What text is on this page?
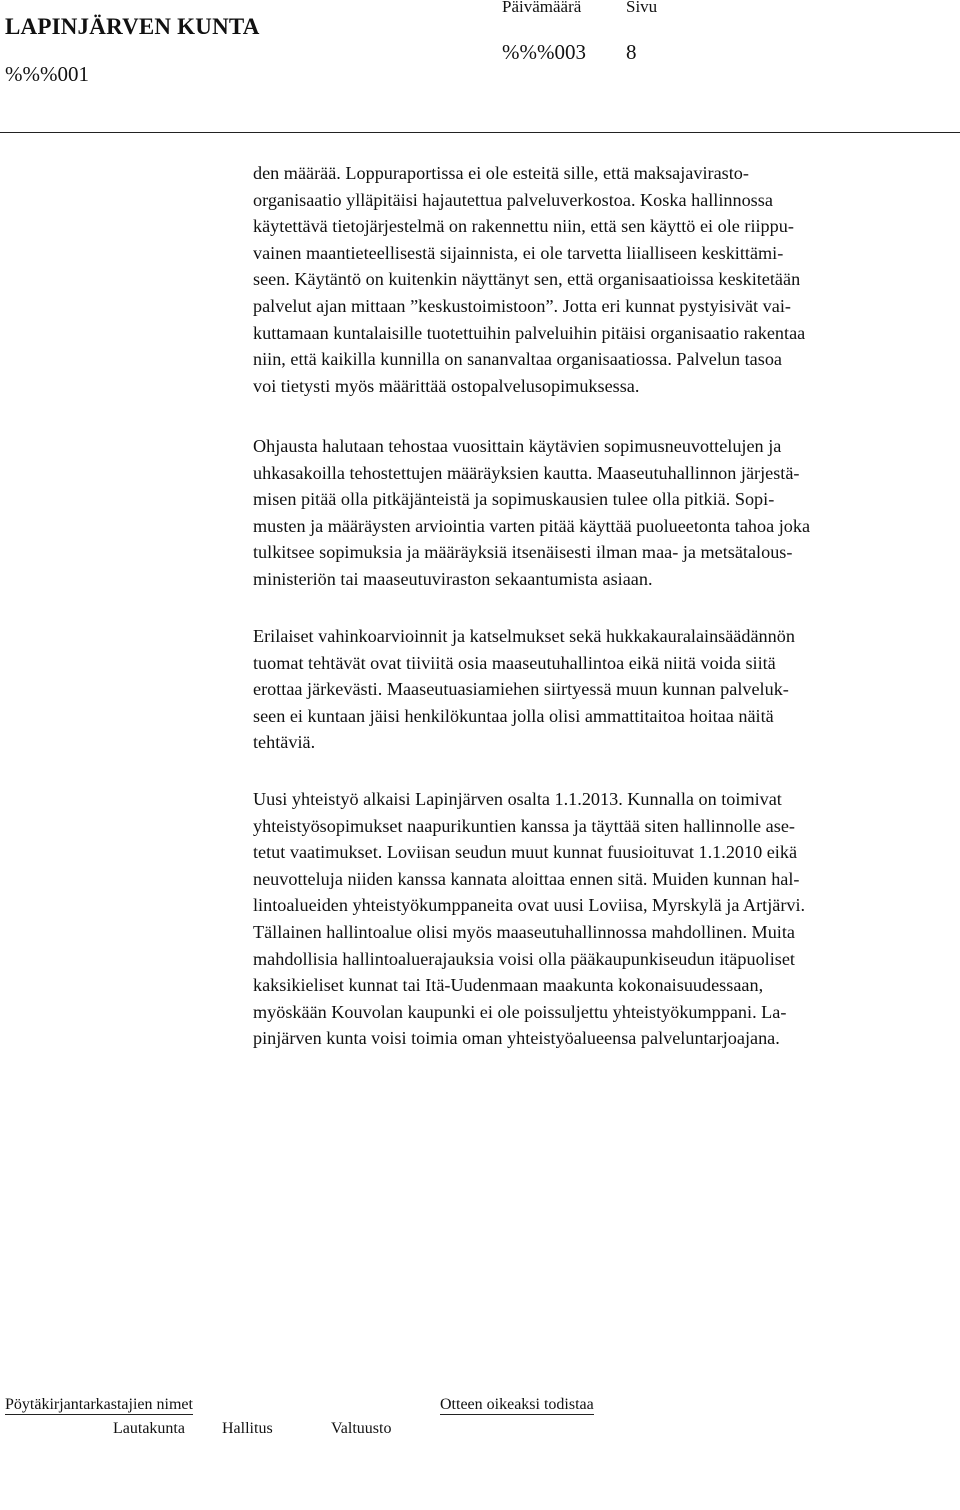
LAPINJÄRVEN KUNTA
%%%001
Päivämäärä	Sivu
%%%003 8

den määrää. Loppuraportissa ei ole esteitä sille, että maksajavirasto-
organisaatio ylläpitäisi hajautettua palveluverkostoa. Koska hallinnossa
käytettävä tietojärjestelmä on rakennettu niin, että sen käyttö ei ole riippu-
vainen maantieteellisestä sijainnista, ei ole tarvetta liialliseen keskittämi-
seen. Käytäntö on kuitenkin näyttänyt sen, että organisaatioissa keskitetään
palvelut ajan mittaan ”keskustoimistoon”. Jotta eri kunnat pystyisivät vai-
kuttamaan kuntalaisille tuotettuihin palveluihin pitäisi organisaatio rakentaa
niin, että kaikilla kunnilla on sananvaltaa organisaatiossa. Palvelun tasoa
voi tietysti myös määrittää ostopalvelusopimuksessa.

Ohjausta halutaan tehostaa vuosittain käytävien sopimusneuvottelujen ja
uhkasakoilla tehostettujen määräyksien kautta. Maaseutuhallinnon järjestä-
misen pitää olla pitkäjänteistä ja sopimuskausien tulee olla pitkiä. Sopi-
musten ja määräysten arviointia varten pitää käyttää puolueetonta tahoa joka
tulkitsee sopimuksia ja määräyksiä itsenäisesti ilman maa- ja metsätalous-
ministeriön tai maaseutuviraston sekaantumista asiaan.

Erilaiset vahinkoarvioinnit ja katselmukset sekä hukkakauralainsäädännön
tuomat tehtävät ovat tiiviitä osia maaseutuhallintoa eikä niitä voida siitä
erottaa järkevästi. Maaseutuasiamiehen siirtyessä muun kunnan palveluk-
seen ei kuntaan jäisi henkilökuntaa jolla olisi ammattitaitoa hoitaa näitä
tehtäviä.

Uusi yhteistyö alkaisi Lapinjärven osalta 1.1.2013. Kunnalla on toimivat
yhteistyösopimukset naapurikuntien kanssa ja täyttää siten hallinnolle ase-
tetut vaatimukset. Loviisan seudun muut kunnat fuusioituvat 1.1.2010 eikä
neuvotteluja niiden kanssa kannata aloittaa ennen sitä. Muiden kunnan hal-
lintoalueiden yhteistyökumppaneita ovat uusi Loviisa, Myrskylä ja Artjärvi.
Tällainen hallintoalue olisi myös maaseutuhallinnossa mahdollinen. Muita
mahdollisia hallintoaluerajauksia voisi olla pääkaupunkiseudun itäpuoliset
kaksikieliset kunnat tai Itä-Uudenmaan maakunta kokonaisuudessaan,
myöskään Kouvolan kaupunki ei ole poissuljettu yhteistyökumppani. La-
pinjärven kunta voisi toimia oman yhteistyöalueensa palveluntarjoajana.

Pöytäkirjantarkastajien nimet	Otteen oikeaksi todistaa
Lautakunta Hallitus	Valtuusto
